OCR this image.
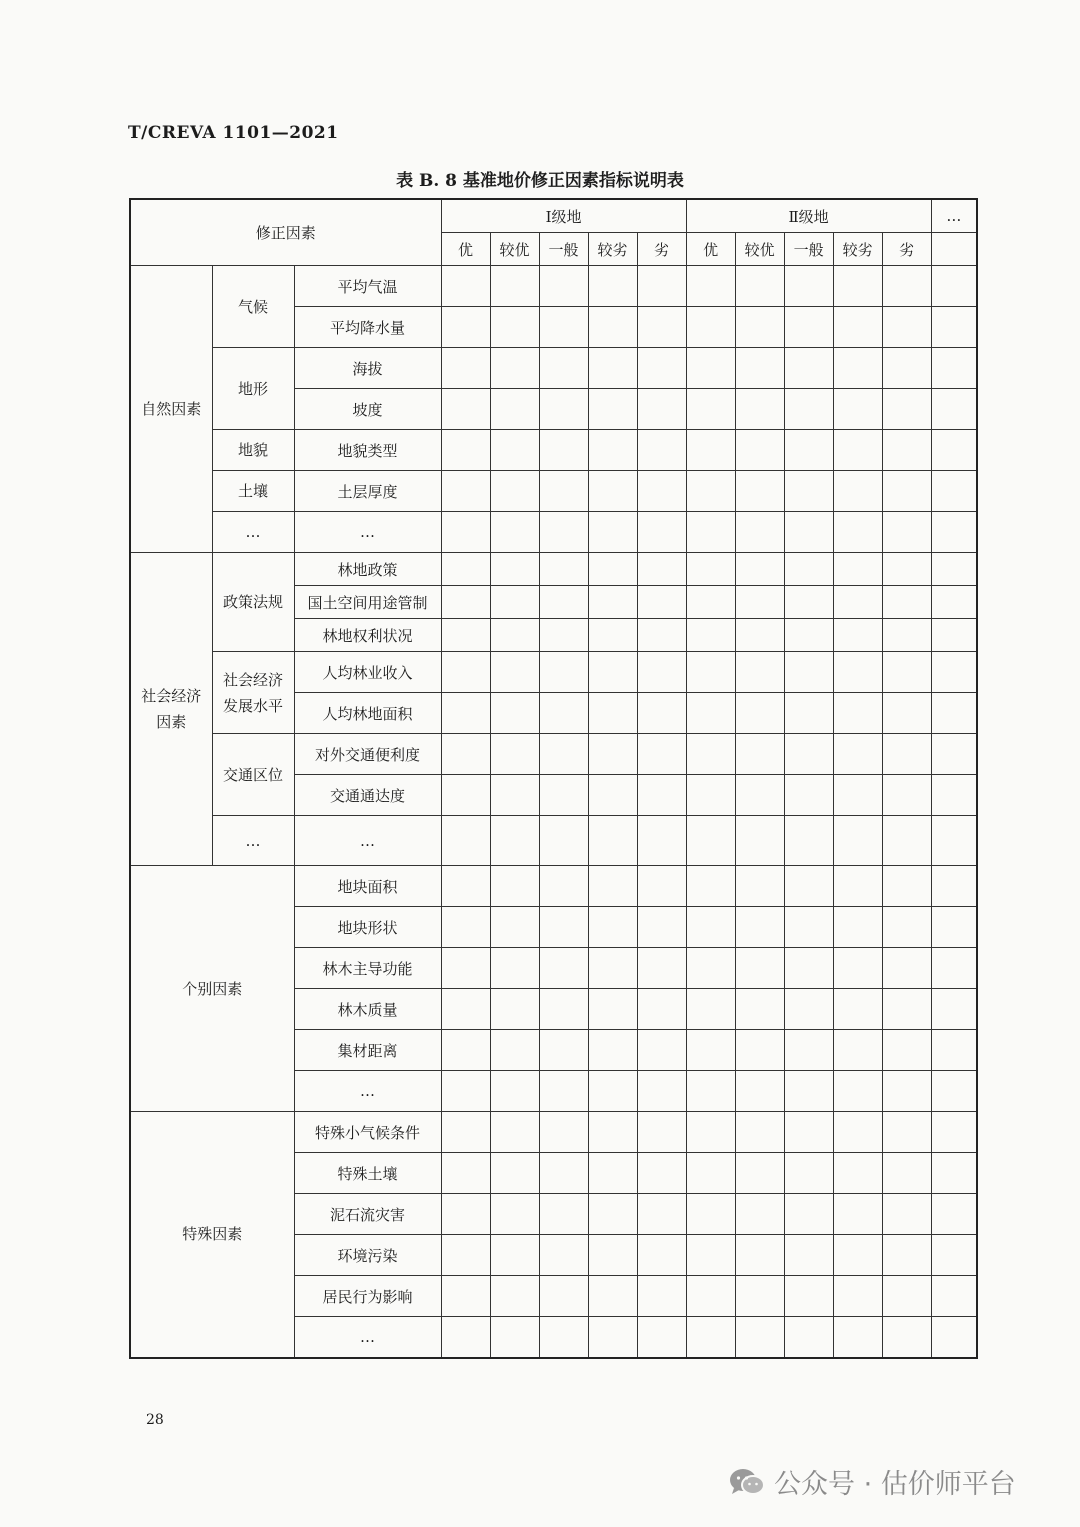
T/CREVA 1101—2021
表 B. 8 基准地价修正因素指标说明表
修正因素			Ⅰ级地					Ⅱ级地					…
			优	较优	一般	较劣	劣	优	较优	一般	较劣	劣	
自然因素	气候	平均气温											
		平均降水量											
	地形	海拔											
		坡度											
	地貌	地貌类型											
	土壤	土层厚度											
	…	…											
社会经济因素	政策法规	林地政策											
		国土空间用途管制											
		林地权利状况											
	社会经济发展水平	人均林业收入											
		人均林地面积											
	交通区位	对外交通便利度											
		交通通达度											
	…	…											
个别因素		地块面积											
		地块形状											
		林木主导功能											
		林木质量											
		集材距离											
		…											
特殊因素		特殊小气候条件											
		特殊土壤											
		泥石流灾害											
		环境污染											
		居民行为影响											
		…											
28
公众号 · 估价师平台
